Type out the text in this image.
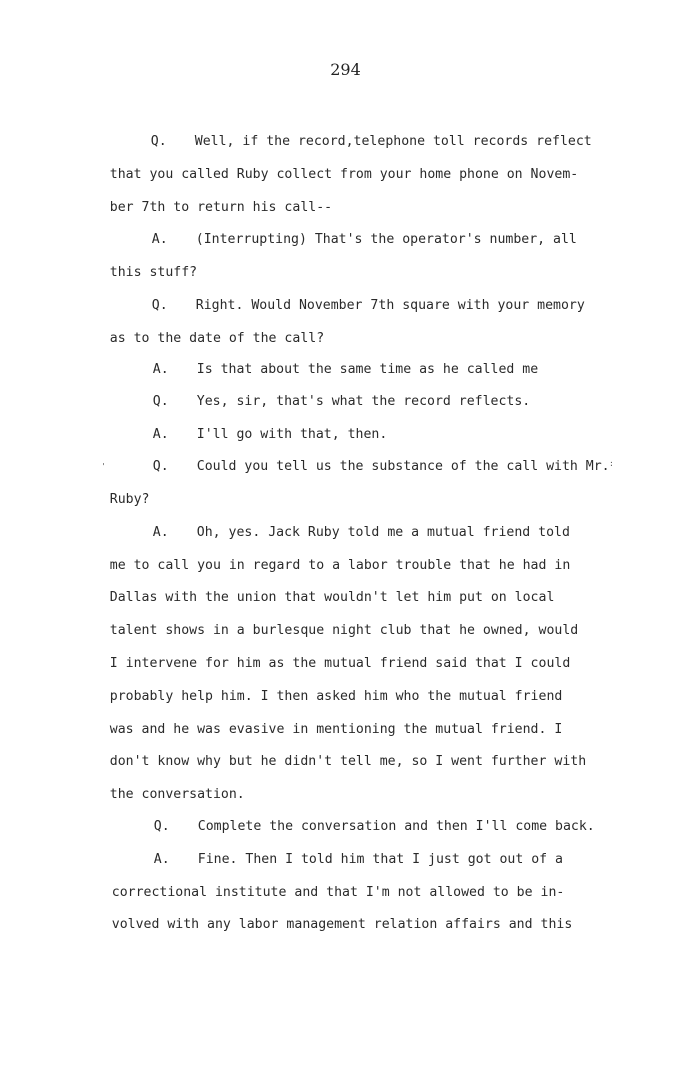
294

Q. Well, if the record,telephone toll records reflect

that you called Ruby collect from your home phone on Novem-

ber 7th to return his call--

A. (Interrupting) That's the operator's number, all

this stuff?

Q. Right. Would November 7th square with your memory

as to the date of the call?

A. Is that about the same time as he called me

Q. Yes, sir, that's what the record reflects.

A. I'll go with that, then.

Q. Could you tell us the substance of the call with Mr.

'	:

Ruby?

A. Oh, yes. Jack Ruby told me a mutual friend told

me to call you in regard to a labor trouble that he had in

Dallas with the union that wouldn't let him put on local

talent shows in a burlesque night club that he owned, would

I intervene for him as the mutual friend said that I could

probably help him. I then asked him who the mutual friend

was and he was evasive in mentioning the mutual friend. I

don't know why but he didn't tell me, so I went further with

the conversation.

Q. Complete the conversation and then I'll come back.

A. Fine. Then I told him that I just got out of a

correctional institute and that I'm not allowed to be in-

volved with any labor management relation affairs and this
